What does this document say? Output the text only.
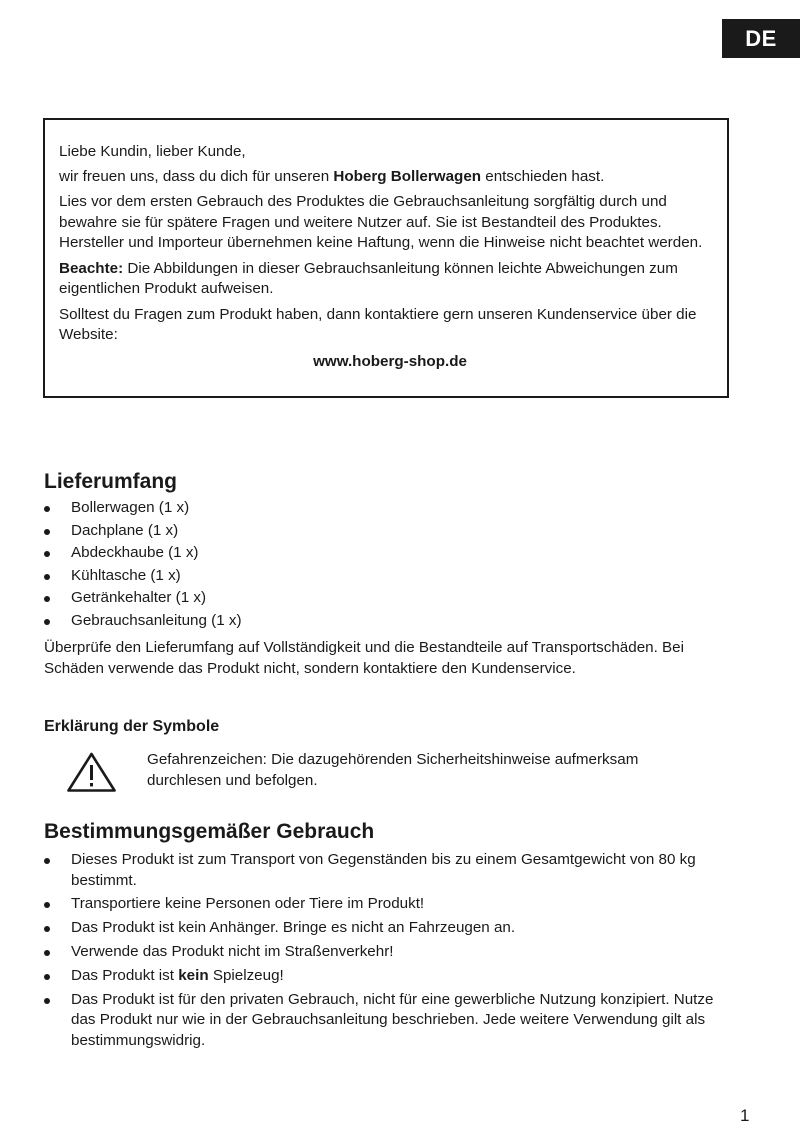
DE

Liebe Kundin, lieber Kunde,

wir freuen uns, dass du dich für unseren Hoberg Bollerwagen entschieden hast.

Lies vor dem ersten Gebrauch des Produktes die Gebrauchsanleitung sorgfältig durch und bewahre sie für spätere Fragen und weitere Nutzer auf. Sie ist Bestandteil des Produktes. Hersteller und Importeur übernehmen keine Haftung, wenn die Hinweise nicht beachtet werden.

Beachte: Die Abbildungen in dieser Gebrauchsanleitung können leichte Abweichungen zum eigentlichen Produkt aufweisen.

Solltest du Fragen zum Produkt haben, dann kontaktiere gern unseren Kundenservice über die Website:

www.hoberg-shop.de

Lieferumfang
Bollerwagen (1 x)
Dachplane (1 x)
Abdeckhaube (1 x)
Kühltasche (1 x)
Getränkehalter (1 x)
Gebrauchsanleitung (1 x)

Überprüfe den Lieferumfang auf Vollständigkeit und die Bestandteile auf Transportschäden. Bei Schäden verwende das Produkt nicht, sondern kontaktiere den Kundenservice.

Erklärung der Symbole

Gefahrenzeichen: Die dazugehörenden Sicherheitshinweise aufmerksam durchlesen und befolgen.

Bestimmungsgemäßer Gebrauch
Dieses Produkt ist zum Transport von Gegenständen bis zu einem Gesamtgewicht von 80 kg bestimmt.
Transportiere keine Personen oder Tiere im Produkt!
Das Produkt ist kein Anhänger. Bringe es nicht an Fahrzeugen an.
Verwende das Produkt nicht im Straßenverkehr!
Das Produkt ist kein Spielzeug!
Das Produkt ist für den privaten Gebrauch, nicht für eine gewerbliche Nutzung konzipiert. Nutze das Produkt nur wie in der Gebrauchsanleitung beschrieben. Jede weitere Verwendung gilt als bestimmungswidrig.
1
